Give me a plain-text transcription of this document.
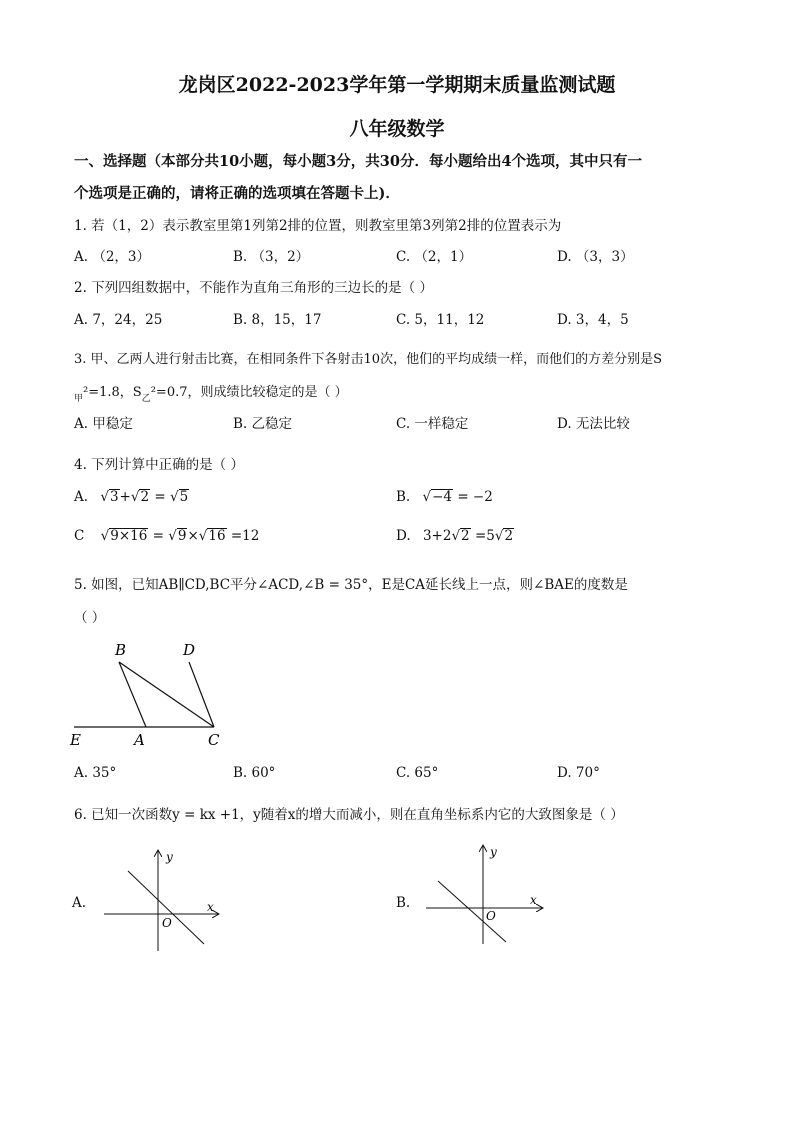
龙岗区2022-2023学年第一学期期末质量监测试题
八年级数学
一、选择题（本部分共10小题，每小题3分，共30分．每小题给出4个选项，其中只有一
个选项是正确的，请将正确的选项填在答题卡上)．
1. 若（1，2）表示教室里第1列第2排的位置，则教室里第3列第2排的位置表示为
A. （2，3）	B. （3，2）	C. （2，1）	D. （3，3）
2. 下列四组数据中，不能作为直角三角形的三边长的是（ ）
A. 7，24，25	B. 8，15，17	C. 5，11，12	D. 3，4，5
3. 甲、乙两人进行射击比赛，在相同条件下各射击10次，他们的平均成绩一样，而他们的方差分别是S
$_甲$²=1.8，$S_乙^2=0.7$，则成绩比较稳定的是（ ）
A. 甲稳定	B. 乙稳定	C. 一样稳定	D. 无法比较
4. 下列计算中正确的是（ ）
A. √3+√2 = √5	B. √−4 = −2
C √9×16 = √9×√16 =12	D. 3+2√2 =5√2
5. 如图，已知AB∥CD,BC平分∠ACD,∠B = 35°，E是CA延长线上一点，则∠BAE的度数是
（ ）
B	D
E	A	C
A. 35°	B. 60°	C. 65°	D. 70°
6. 已知一次函数y = kx +1，y随着x的增大而减小，则在直角坐标系内它的大致图象是（ ）
A.
y
x
O
B.
y
x
O
